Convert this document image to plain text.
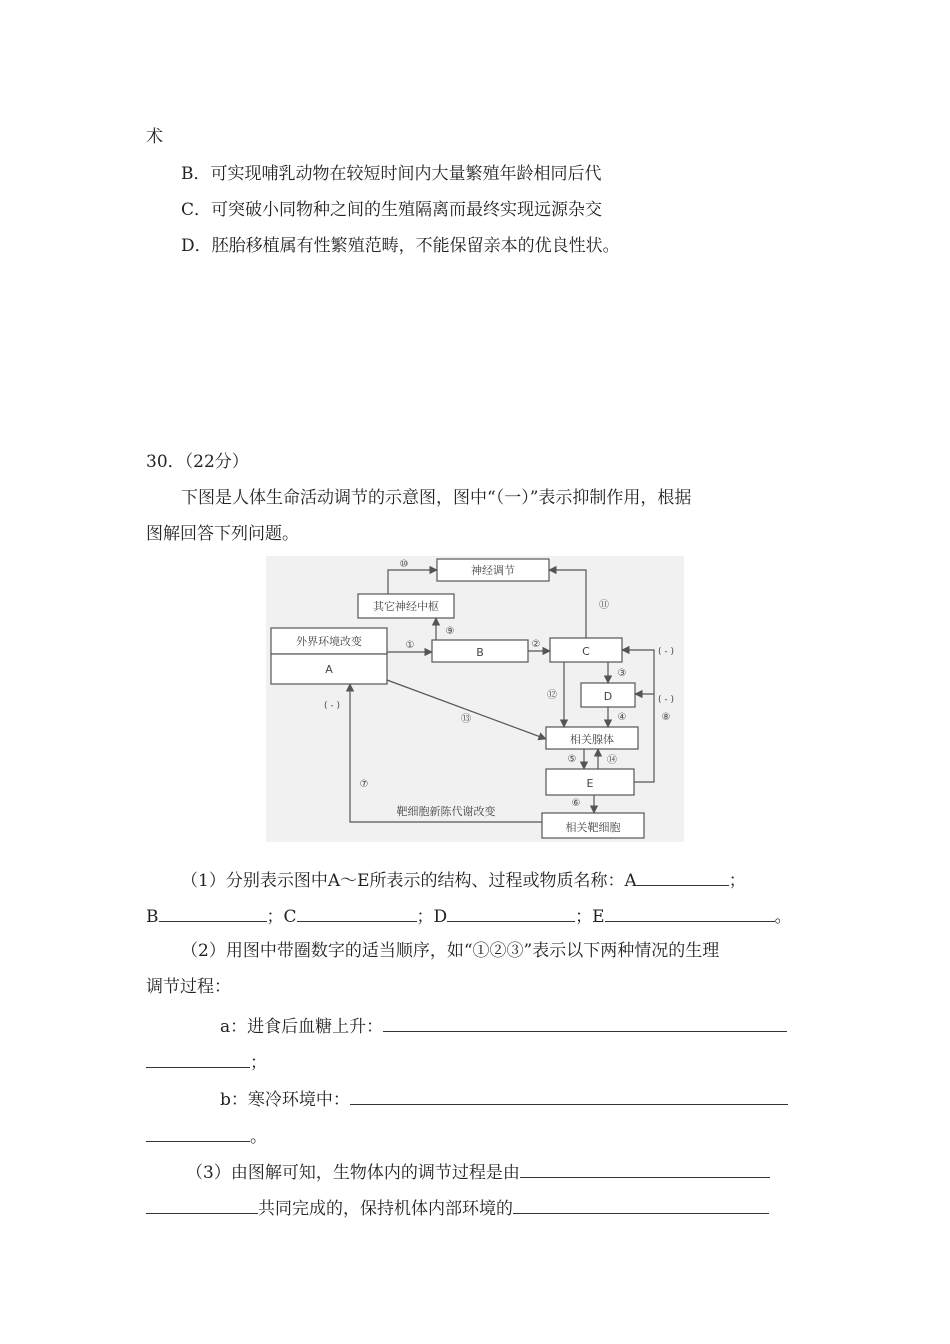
术
B．可实现哺乳动物在较短时间内大量繁殖年龄相同后代
C．可突破小同物种之间的生殖隔离而最终实现远源杂交
D．胚胎移植属有性繁殖范畴，不能保留亲本的优良性状。
30．（22分）
下图是人体生命活动调节的示意图，图中“（一）”表示抑制作用，根据
图解回答下列问题。
神经调节
其它神经中枢
外界环境改变
A
B	C
D
相关腺体
E
相关靶细胞
靶细胞新陈代谢改变
①	②
③
④
⑤
⑥
⑦
⑧
⑨
⑩
⑪
⑫
⑬
⑭
( - )
( - )
( - )
（1）分别表示图中A～E所表示的结构、过程或物质名称：A	；
B	；C	；D	；E	。
（2）用图中带圈数字的适当顺序，如“①②③”表示以下两种情况的生理
调节过程：
a：进食后血糖上升：
；
b：寒冷环境中：
。
（3）由图解可知，生物体内的调节过程是由
共同完成的，保持机体内部环境的
